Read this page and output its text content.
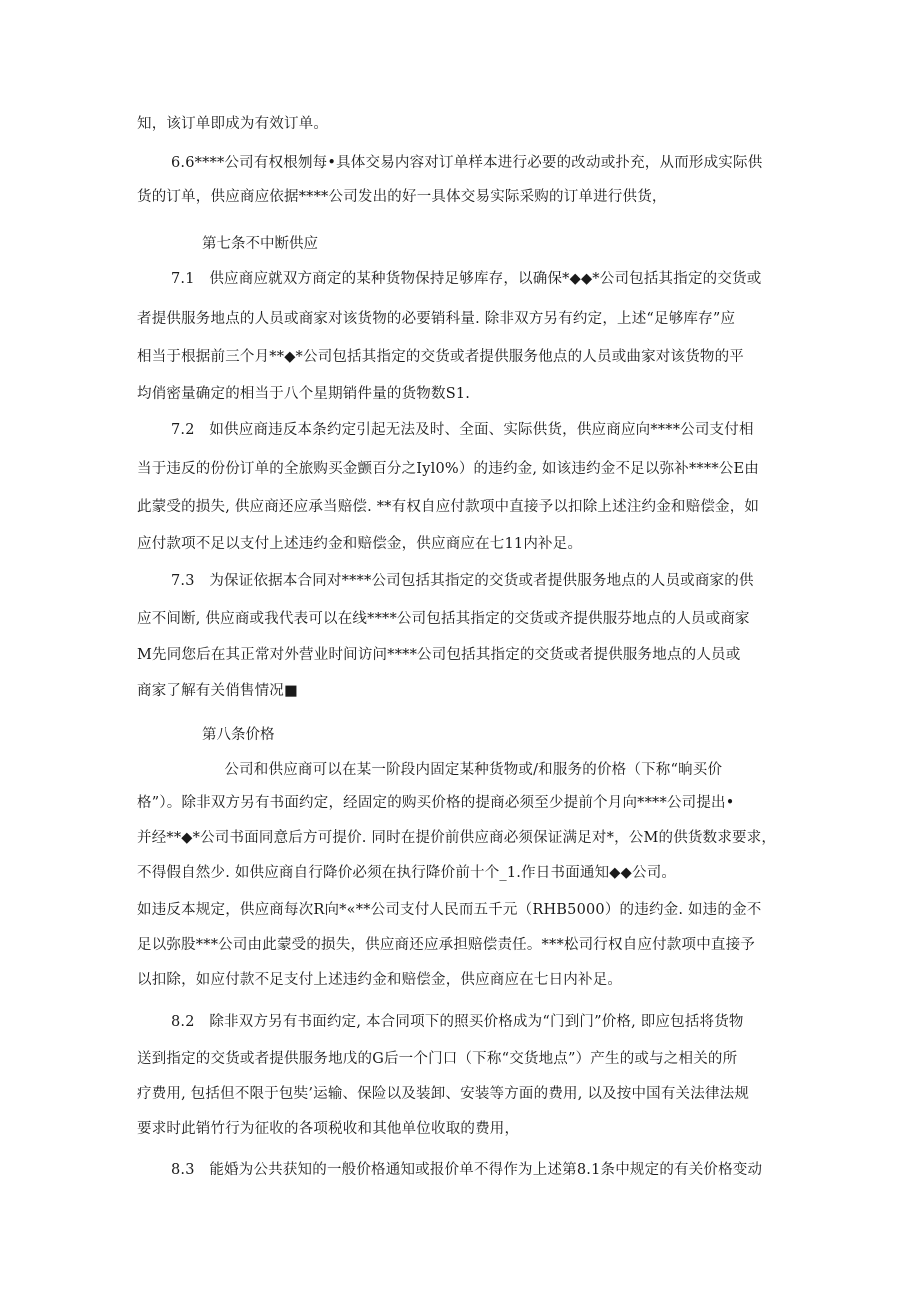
知，该订单即成为有效订单。
6.6****公司有权根刎每•具体交易内容对订单样本进行必要的改动或扑充，从而形成实际供
货的订单，供应商应依据****公司发出的好一具体交易实际采购的订单进行供货，
第七条不中断供应
7.1　供应商应就双方商定的某种货物保持足够库存，以确保*◆◆*公司包括其指定的交货或
者提供服务地点的人员或商家对该货物的必要销科量. 除非双方另有约定，上述“足够库存”应
相当于根据前三个月**◆*公司包括其指定的交货或者提供服务他点的人员或曲家对该货物的平
均俏密量确定的相当于八个星期销件量的货物数S1.
7.2　如供应商违反本条约定引起无法及时、全面、实际供货，供应商应向****公司支付相
当于违反的份份订单的全旅购买金颤百分之Iyl0%）的违约金, 如该违约金不足以弥补****公E由
此蒙受的损失, 供应商还应承当赔偿. **有权自应付款项中直接予以扣除上述注约金和赔偿金，如
应付款项不足以支付上述违约金和赔偿金，供应商应在七11内补足。
7.3　为保证依据本合同对****公司包括其指定的交货或者提供服务地点的人员或商家的供
应不间断, 供应商或我代表可以在线****公司包括其指定的交货或齐提供服芬地点的人员或商家
M先同您后在其正常对外营业时间访问****公司包括其指定的交货或者提供服务地点的人员或
商家了解有关俏售情况■
第八条价格
　　公司和供应商可以在某一阶段内固定某种货物或/和服务的价格（下称“晌买价
格”）。除非双方另有书面约定，经固定的购买价格的提商必须至少提前个月向****公司提出•
并经**◆*公司书面同意后方可提价. 同时在提价前供应商必须保证满足对*，公M的供货数求要求，
不得假自然少. 如供应商自行降价必须在执行降价前十个_1.作日书面通知◆◆公司。
如违反本规定，供应商每次R向*«**公司支付人民而五千元（RHB5000）的违约金. 如违的金不
足以弥股***公司由此蒙受的损失，供应商还应承担赔偿责任。***松司行权自应付款项中直接予
以扣除，如应付款不足支付上述违约金和赔偿金，供应商应在七日内补足。
8.2　除非双方另有书面约定, 本合同项下的照买价格成为“门到门”价格, 即应包括将货物
送到指定的交货或者提供服务地戊的G后一个门口（下称“交货地点”）产生的或与之相关的所
疗费用, 包括但不限于包奘’运输、保险以及装卸、安装等方面的费用, 以及按中国有关法律法规
要求时此销竹行为征收的各项税收和其他单位收取的费用，
8.3　能婚为公共获知的一般价格通知或报价单不得作为上述第8.1条中规定的有关价格变动
